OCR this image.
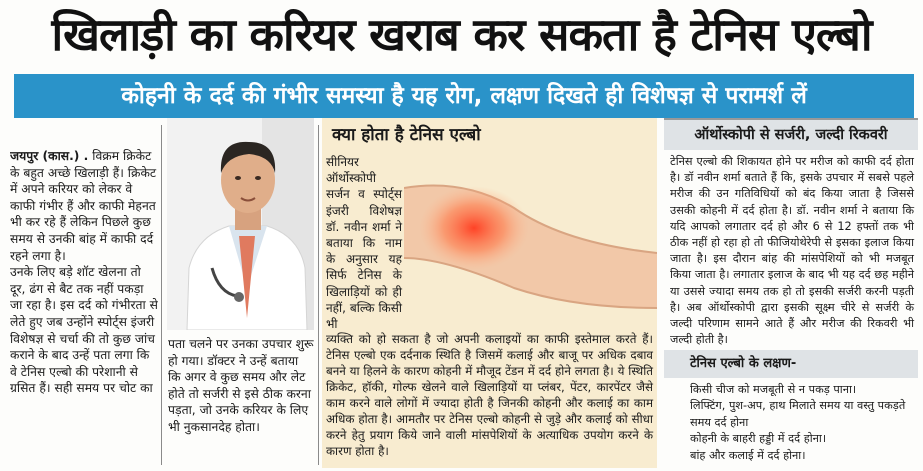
खिलाड़ी का करियर खराब कर सकता है टेनिस एल्बो
कोहनी के दर्द की गंभीर समस्या है यह रोग, लक्षण दिखते ही विशेषज्ञ से परामर्श लें

जयपुर (कास.) . विक्रम क्रिकेट के बहुत अच्छे खिलाड़ी हैं। क्रिकेट में अपने करियर को लेकर वे काफी गंभीर हैं और काफी मेहनत भी कर रहे हैं लेकिन पिछले कुछ समय से उनकी बांह में काफी दर्द रहने लगा है।

उनके लिए बड़े शॉट खेलना तो दूर, ढंग से बैट तक नहीं पकड़ा जा रहा है। इस दर्द को गंभीरता से लेते हुए जब उन्होंने स्पोर्ट्स इंजरी विशेषज्ञ से चर्चा की तो कुछ जांच कराने के बाद उन्हें पता लगा कि वे टेनिस एल्बो की परेशानी से ग्रसित हैं। सही समय पर चोट का

पता चलने पर उनका उपचार शुरू हो गया। डॉक्टर ने उन्हें बताया कि अगर वे कुछ समय और लेट होते तो सर्जरी से इसे ठीक करना पड़ता, जो उनके करियर के लिए भी नुकसानदेह होता।
क्या होता है टेनिस एल्बो
सीनियर ऑर्थोस्कोपी सर्जन व स्पोर्ट्स इंजरी विशेषज्ञ डॉ. नवीन शर्मा ने बताया कि नाम के अनुसार यह सिर्फ टेनिस के खिलाड़ियों को ही नहीं, बल्कि किसी भी
व्यक्ति को हो सकता है जो अपनी कलाइयों का काफी इस्तेमाल करते हैं। टेनिस एल्बो एक दर्दनाक स्थिति है जिसमें कलाई और बाजू पर अधिक दबाव बनने या हिलने के कारण कोहनी में मौजूद टेंडन में दर्द होने लगता है। ये स्थिति क्रिकेट, हॉकी, गोल्फ खेलने वाले खिलाड़ियों या प्लंबर, पेंटर, कारपेंटर जैसे काम करने वाले लोगों में ज्यादा होती है जिनकी कोहनी और कलाई का काम अधिक होता है। आमतौर पर टेनिस एल्बो कोहनी से जुड़े और कलाई को सीधा करने हेतु प्रयाग किये जाने वाली मांसपेशियों के अत्याधिक उपयोग करने के कारण होता है।
ऑर्थोस्कोपी से सर्जरी, जल्दी रिकवरी
टेनिस एल्बो की शिकायत होने पर मरीज को काफी दर्द होता है। डॉ नवीन शर्मा बताते हैं कि, इसके उपचार में सबसे पहले मरीज की उन गतिविधियों को बंद किया जाता है जिससे उसकी कोहनी में दर्द होता है। डॉ. नवीन शर्मा ने बताया कि यदि आपको लगातार दर्द हो और 6 से 12 हफ्तों तक भी ठीक नहीं हो रहा हो तो फीजियोथेरेपी से इसका इलाज किया जाता है। इस दौरान बांह की मांसपेशियों को भी मजबूत किया जाता है। लगातार इलाज के बाद भी यह दर्द छह महीने या उससे ज्यादा समय तक हो तो इसकी सर्जरी करनी पड़ती है। अब ऑर्थोस्कोपी द्वारा इसकी सूक्ष्म चीरे से सर्जरी के जल्दी परिणाम सामने आते हैं और मरीज की रिकवरी भी जल्दी होती है।
टेनिस एल्बो के लक्षण-
किसी चीज को मजबूती से न पकड़ पाना।
लिफ्टिंग, पुश-अप, हाथ मिलाते समय या वस्तु पकड़ते समय दर्द होना
कोहनी के बाहरी हड्डी में दर्द होना।
बांह और कलाई में दर्द होना।
